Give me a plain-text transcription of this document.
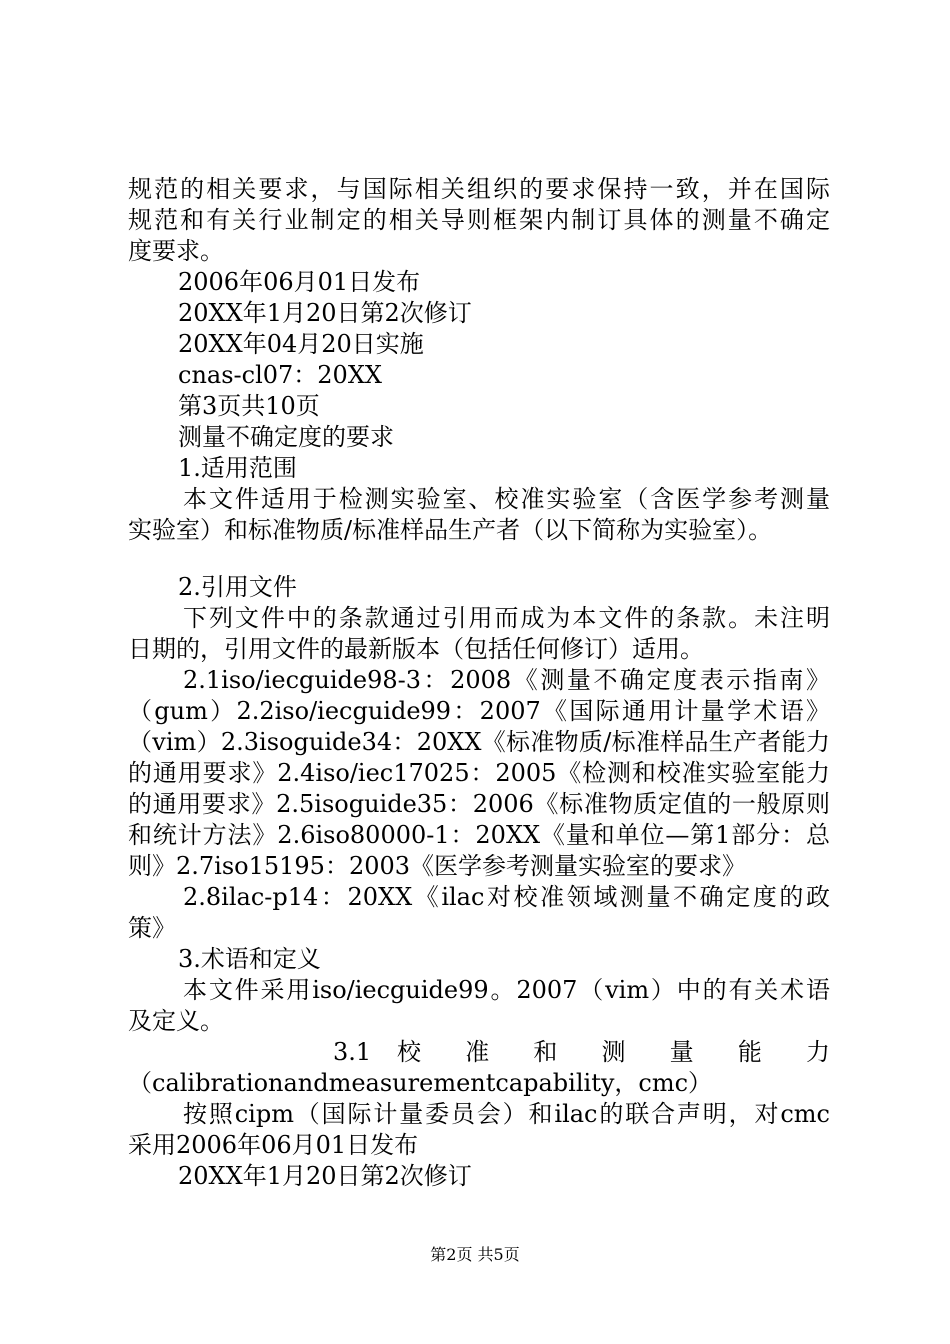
规范的相关要求，与国际相关组织的要求保持一致，并在国际
规范和有关行业制定的相关导则框架内制订具体的测量不确定
度要求。
2006年06月01日发布
20XX年1月20日第2次修订
20XX年04月20日实施
cnas-cl07：20XX
第3页共10页
测量不确定度的要求
1.适用范围
本文件适用于检测实验室、校准实验室（含医学参考测量
实验室）和标准物质/标准样品生产者（以下简称为实验室）。
2.引用文件
下列文件中的条款通过引用而成为本文件的条款。未注明
日期的，引用文件的最新版本（包括任何修订）适用。
2.1iso/iecguide98-3：2008《测量不确定度表示指南》
（gum）2.2iso/iecguide99：2007《国际通用计量学术语》
（vim）2.3isoguide34：20XX《标准物质/标准样品生产者能力
的通用要求》2.4iso/iec17025：2005《检测和校准实验室能力
的通用要求》2.5isoguide35：2006《标准物质定值的一般原则
和统计方法》2.6iso80000-1：20XX《量和单位—第1部分：总
则》2.7iso15195：2003《医学参考测量实验室的要求》
2.8ilac-p14：20XX《ilac对校准领域测量不确定度的政
策》
3.术语和定义
本文件采用iso/iecguide99。2007（vim）中的有关术语
及定义。
3.1 校 准 和 测 量 能 力
（calibrationandmeasurementcapability，cmc）
按照cipm（国际计量委员会）和ilac的联合声明，对cmc
采用2006年06月01日发布
20XX年1月20日第2次修订
第2页 共5页
